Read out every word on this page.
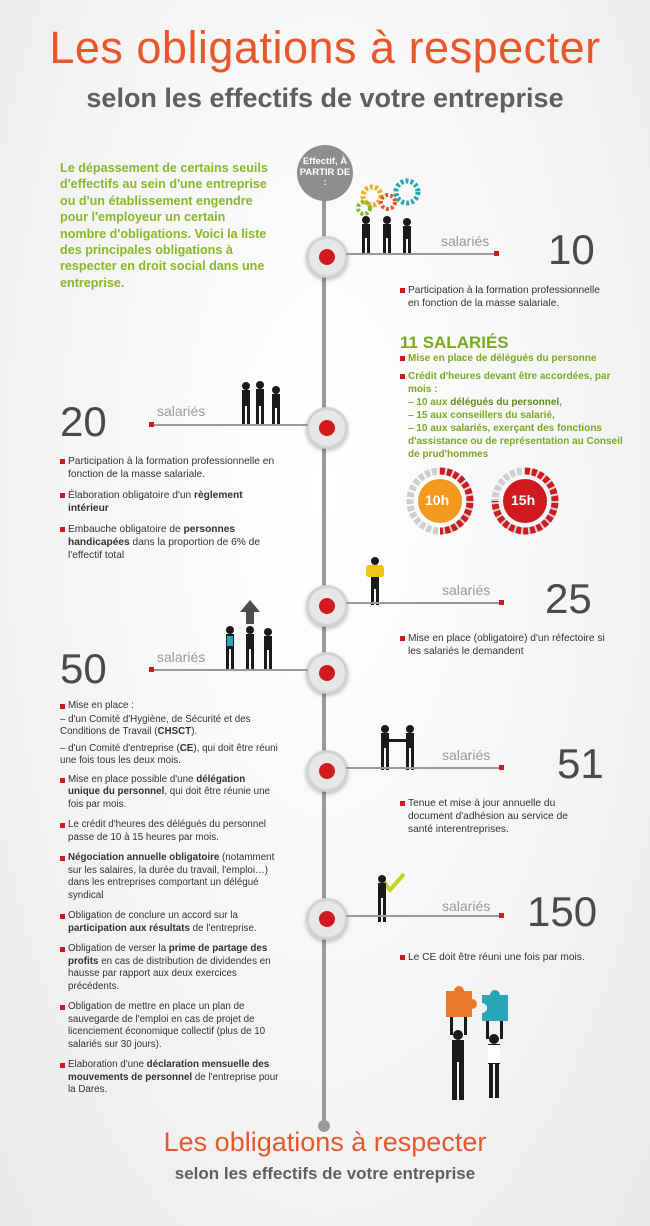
Les obligations à respecter
selon les effectifs de votre entreprise
Le dépassement de certains seuils d'effectifs au sein d'une entreprise ou d'un établissement engendre pour l'employeur un certain nombre d'obligations. Voici la liste des principales obligations à respecter en droit social dans une entreprise.
Effectif, À PARTIR DE :
salariés 10
Participation à la formation professionnelle en fonction de la masse salariale.
11 SALARIÉS
Mise en place de délégués du personne
Crédit d'heures devant être accordées, par mois :
– 10 aux délégués du personnel,
– 15 aux conseillers du salarié,
– 10 aux salariés, exerçant des fonctions d'assistance ou de représentation au Conseil de prud'hommes
10h	15h
salariés
20
Participation à la formation professionnelle en fonction de la masse salariale.
Élaboration obligatoire d'un règlement intérieur
Embauche obligatoire de personnes handicapées dans la proportion de 6% de l'effectif total
salariés 25
Mise en place (obligatoire) d'un réfectoire si les salariés le demandent
salariés
50
Mise en place :
– d'un Comité d'Hygiène, de Sécurité et des Conditions de Travail (CHSCT).
– d'un Comité d'entreprise (CE), qui doit être réuni une fois tous les deux mois.
Mise en place possible d'une délégation unique du personnel, qui doit être réunie une fois par mois.
Le crédit d'heures des délégués du personnel passe de 10 à 15 heures par mois.
Négociation annuelle obligatoire (notamment sur les salaires, la durée du travail, l'emploi…) dans les entreprises comportant un délégué syndical
Obligation de conclure un accord sur la participation aux résultats de l'entreprise.
Obligation de verser la prime de partage des profits en cas de distribution de dividendes en hausse par rapport aux deux exercices précédents.
Obligation de mettre en place un plan de sauvegarde de l'emploi en cas de projet de licenciement économique collectif (plus de 10 salariés sur 30 jours).
Elaboration d'une déclaration mensuelle des mouvements de personnel de l'entreprise pour la Dares.
salariés 51
Tenue et mise à jour annuelle du document d'adhésion au service de santé interentreprises.
salariés 150
Le CE doit être réuni une fois par mois.
Les obligations à respecter
selon les effectifs de votre entreprise
